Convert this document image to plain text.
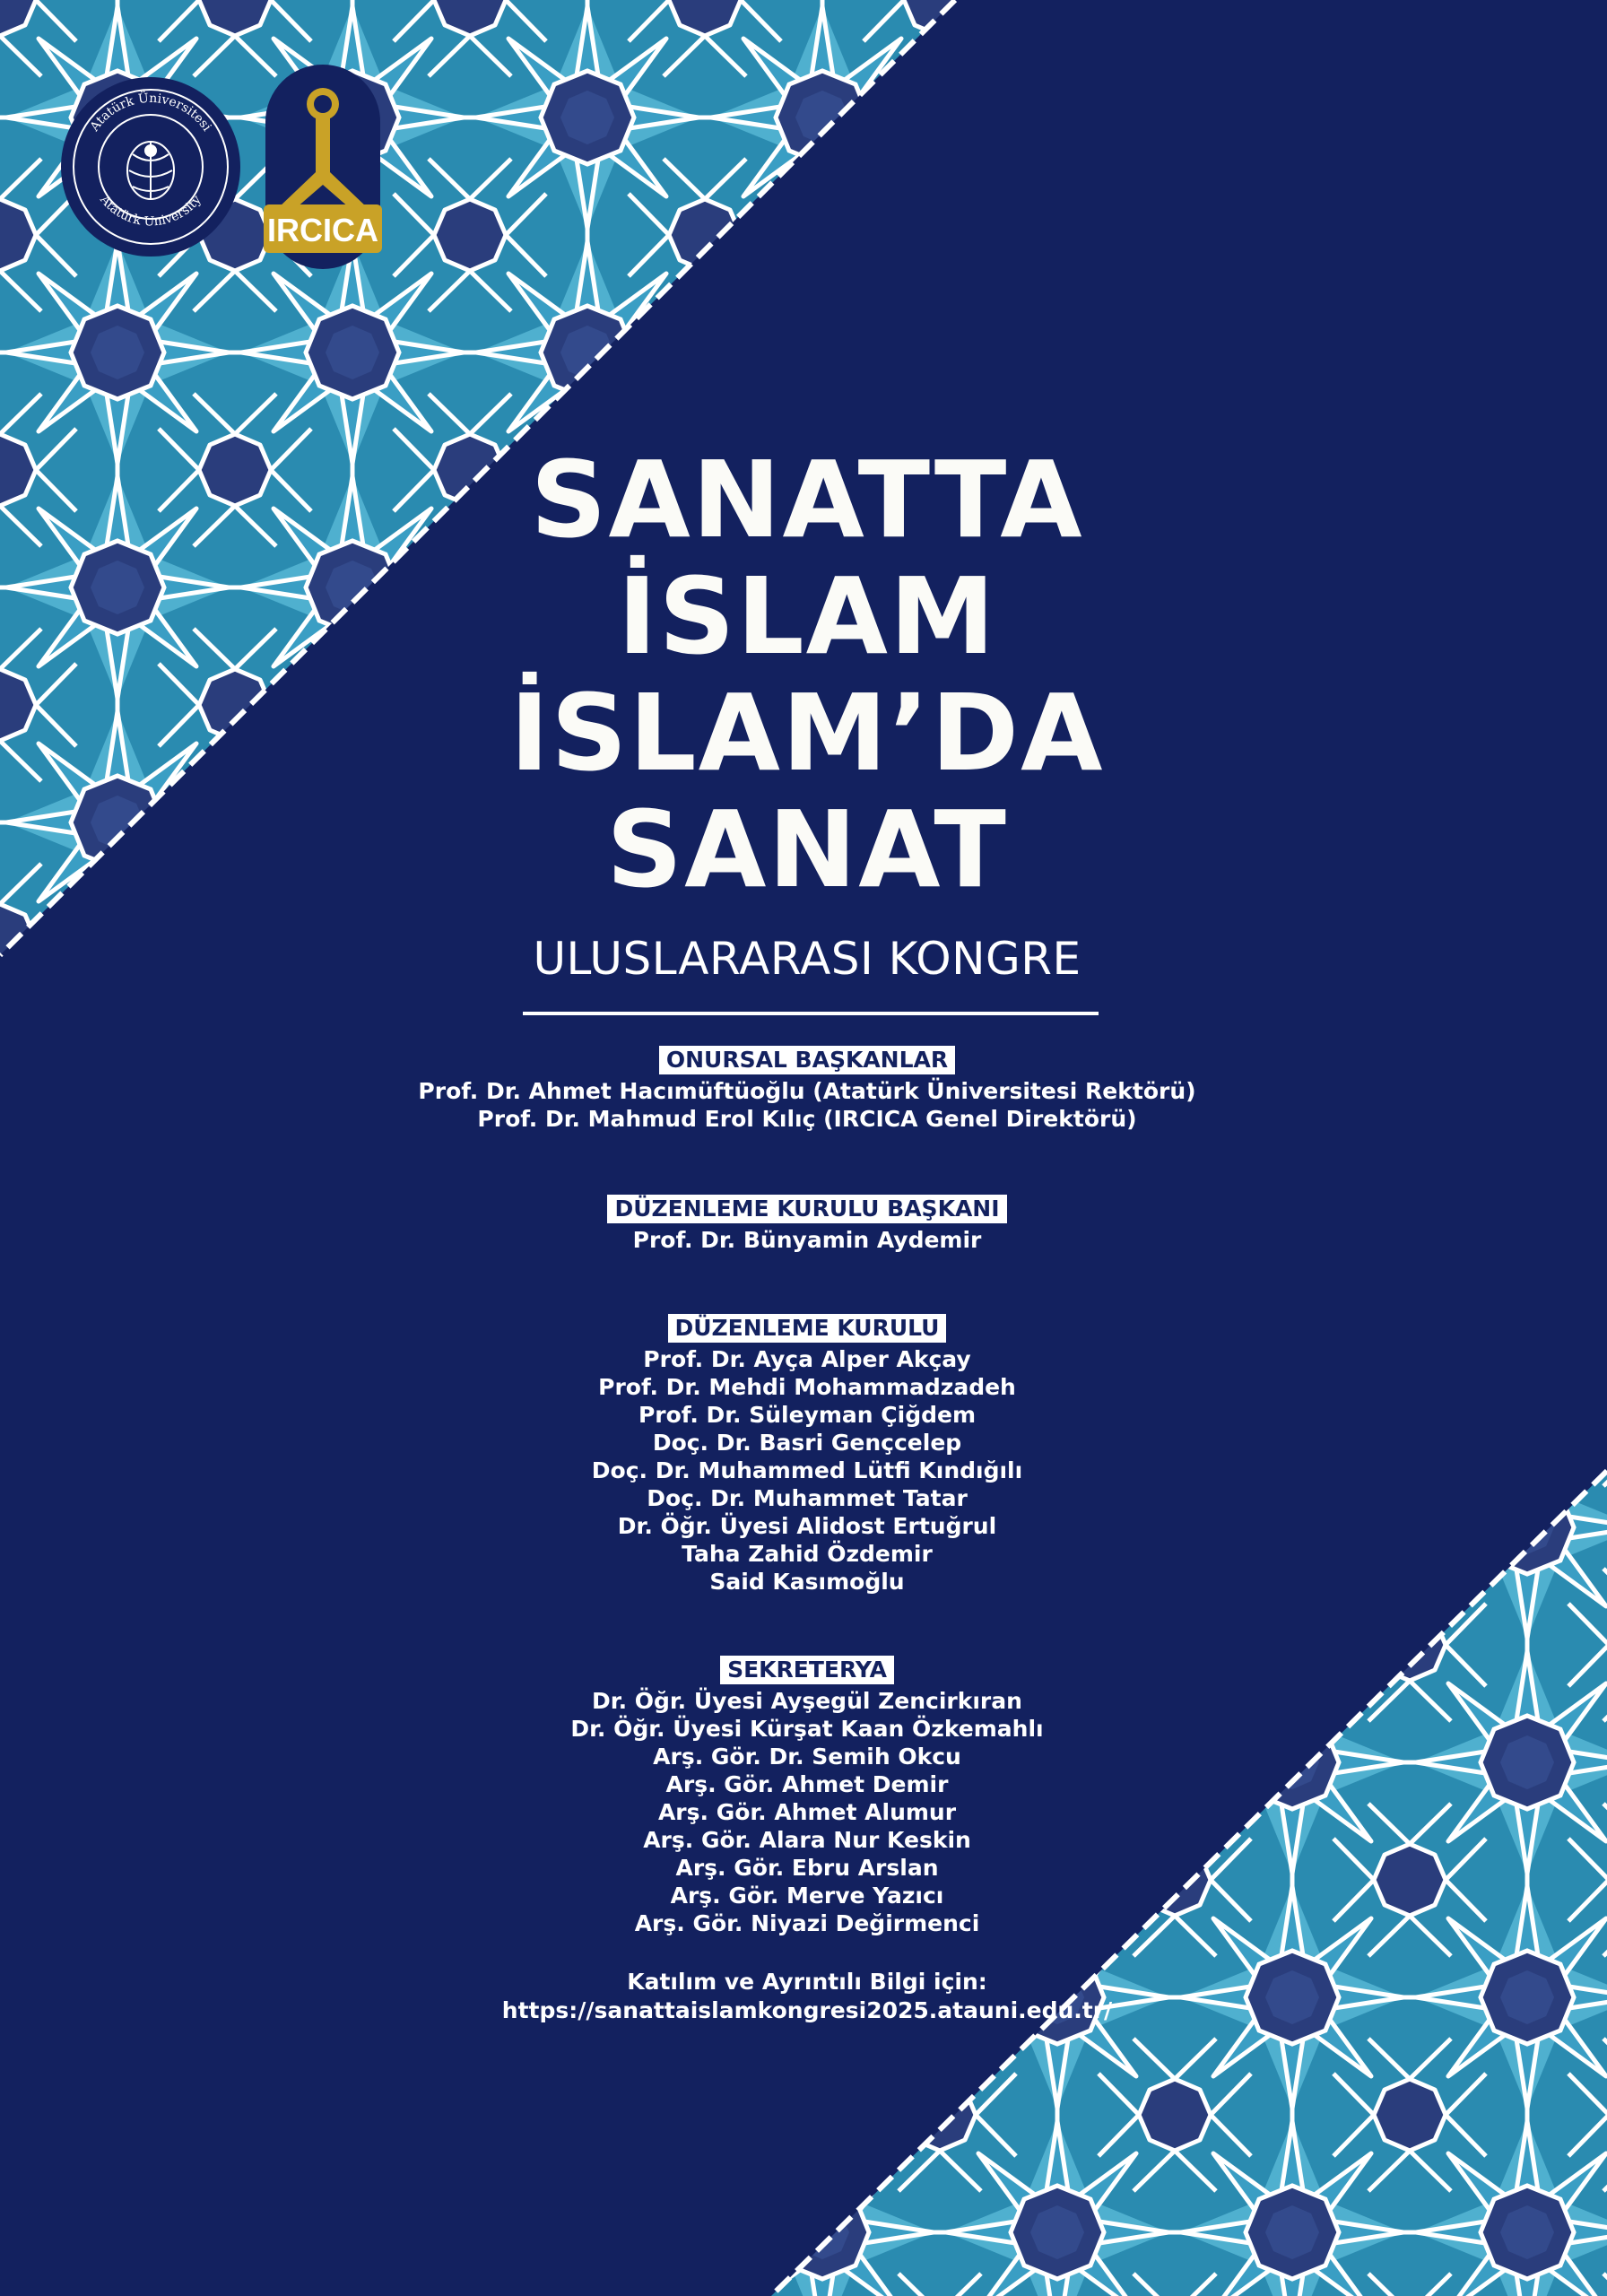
Atatürk Üniversitesi
Atatürk University
IRCICA
SANATTA
İSLAM
İSLAM’DA
SANAT
ULUSLARARASI KONGRE
ONURSAL BAŞKANLAR
Prof. Dr. Ahmet Hacımüftüoğlu (Atatürk Üniversitesi Rektörü)
Prof. Dr. Mahmud Erol Kılıç (IRCICA Genel Direktörü)
DÜZENLEME KURULU BAŞKANI
Prof. Dr. Bünyamin Aydemir
DÜZENLEME KURULU
Prof. Dr. Ayça Alper Akçay
Prof. Dr. Mehdi Mohammadzadeh
Prof. Dr. Süleyman Çiğdem
Doç. Dr. Basri Gençcelep
Doç. Dr. Muhammed Lütfi Kındığılı
Doç. Dr. Muhammet Tatar
Dr. Öğr. Üyesi Alidost Ertuğrul
Taha Zahid Özdemir
Said Kasımoğlu
SEKRETERYA
Dr. Öğr. Üyesi Ayşegül Zencirkıran
Dr. Öğr. Üyesi Kürşat Kaan Özkemahlı
Arş. Gör. Dr. Semih Okcu
Arş. Gör. Ahmet Demir
Arş. Gör. Ahmet Alumur
Arş. Gör. Alara Nur Keskin
Arş. Gör. Ebru Arslan
Arş. Gör. Merve Yazıcı
Arş. Gör. Niyazi Değirmenci
Katılım ve Ayrıntılı Bilgi için:
https://sanattaislamkongresi2025.atauni.edu.tr/
